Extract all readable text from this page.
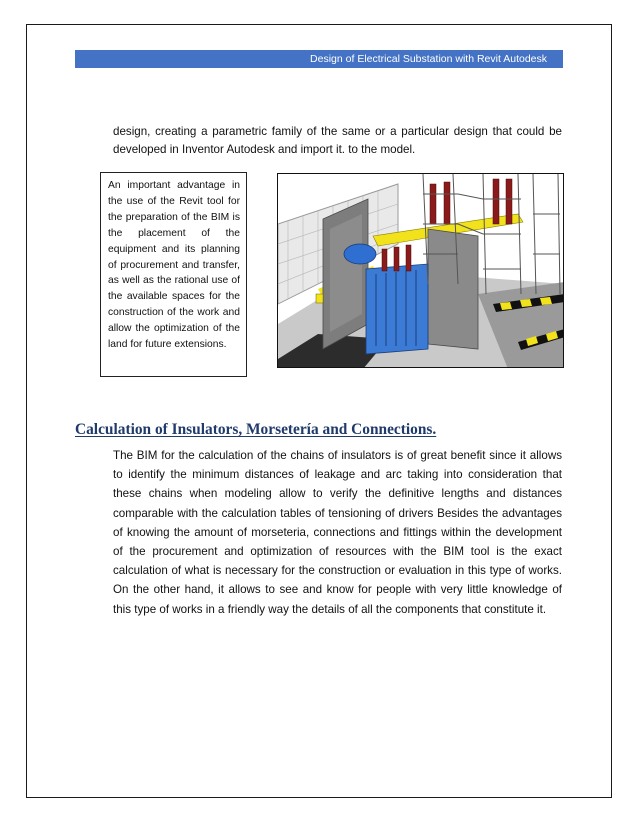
Design of Electrical Substation with Revit Autodesk
design, creating a parametric family of the same or a particular design that could be developed in Inventor Autodesk and import it. to the model.
An important advantage in the use of the Revit tool for the preparation of the BIM is the placement of the equipment and its planning of procurement and transfer, as well as the rational use of the available spaces for the construction of the work and allow the optimization of the land for future extensions.
Calculation of Insulators, Morsetería and Connections.
The BIM for the calculation of the chains of insulators is of great benefit since it allows to identify the minimum distances of leakage and arc taking into consideration that these chains when modeling allow to verify the definitive lengths and distances comparable with the calculation tables of tensioning of drivers Besides the advantages of knowing the amount of morseteria, connections and fittings within the development of the procurement and optimization of resources with the BIM tool is the exact calculation of what is necessary for the construction or evaluation in this type of works. On the other hand, it allows to see and know for people with very little knowledge of this type of works in a friendly way the details of all the components that constitute it.
